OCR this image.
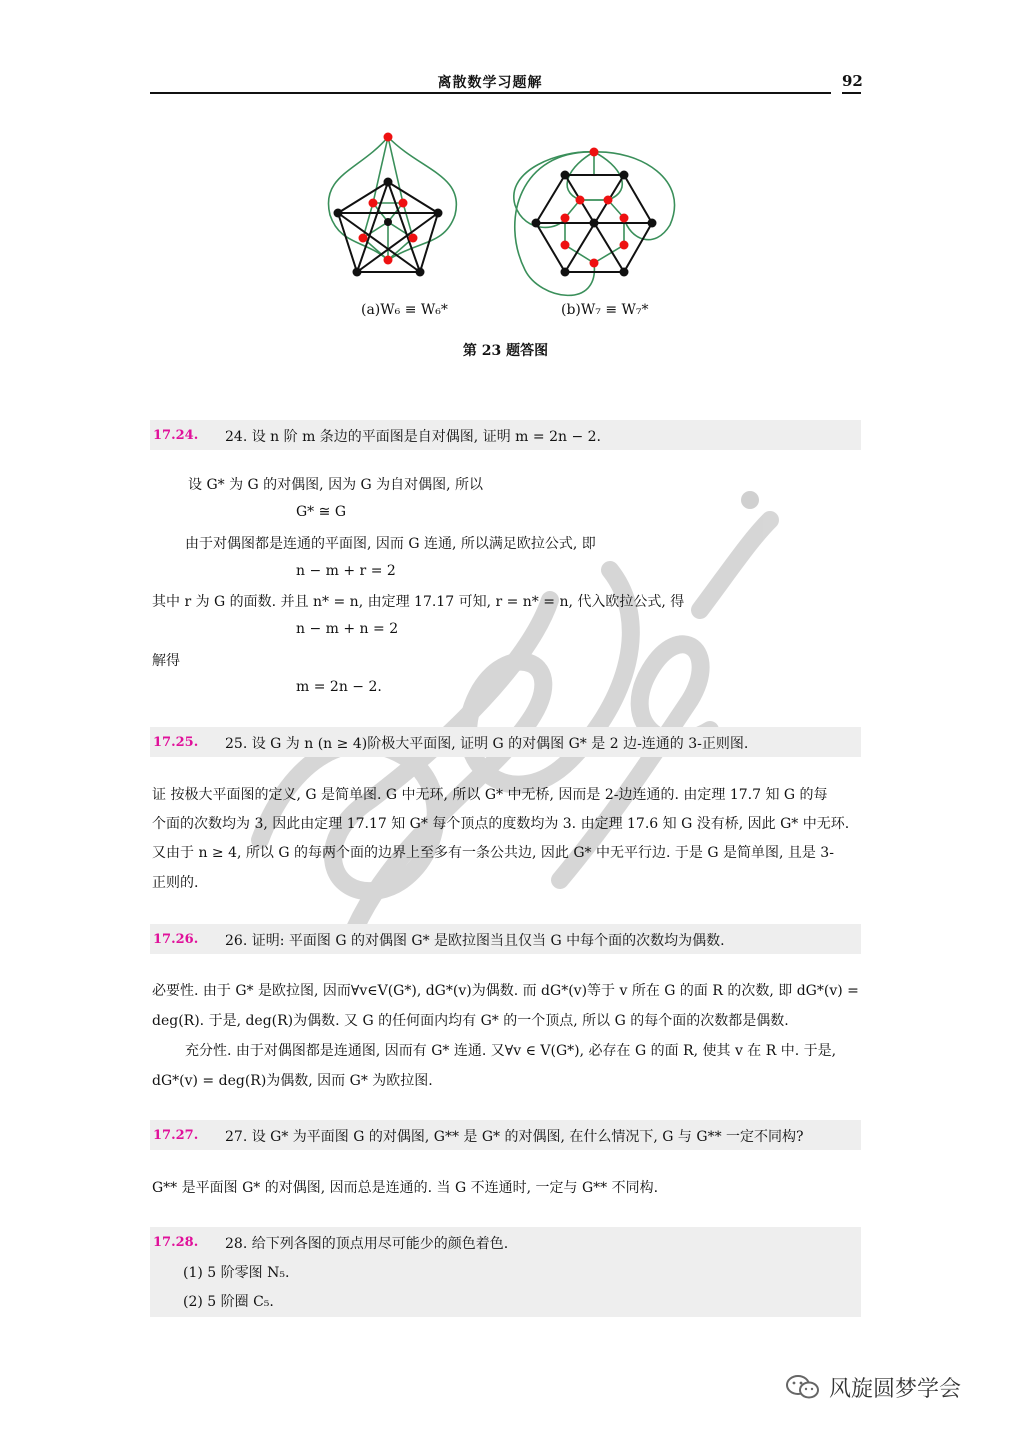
离散数学习题解	92
(a)W₆ ≡ W₆*	(b)W₇ ≡ W₇*
第 23 题答图
17.24. 24. 设 n 阶 m 条边的平面图是自对偶图, 证明 m = 2n − 2.
设 G* 为 G 的对偶图, 因为 G 为自对偶图, 所以
G* ≅ G
由于对偶图都是连通的平面图, 因而 G 连通, 所以满足欧拉公式, 即
n − m + r = 2
其中 r 为 G 的面数. 并且 n* = n, 由定理 17.17 可知, r = n* = n, 代入欧拉公式, 得
n − m + n = 2
解得
m = 2n − 2.
17.25. 25. 设 G 为 n (n ≥ 4)阶极大平面图, 证明 G 的对偶图 G* 是 2 边-连通的 3-正则图.
证 按极大平面图的定义, G 是简单图. G 中无环, 所以 G* 中无桥, 因而是 2-边连通的. 由定理 17.7 知 G 的每
个面的次数均为 3, 因此由定理 17.17 知 G* 每个顶点的度数均为 3. 由定理 17.6 知 G 没有桥, 因此 G* 中无环.
又由于 n ≥ 4, 所以 G 的每两个面的边界上至多有一条公共边, 因此 G* 中无平行边. 于是 G 是简单图, 且是 3-
正则的.
17.26. 26. 证明: 平面图 G 的对偶图 G* 是欧拉图当且仅当 G 中每个面的次数均为偶数.
必要性. 由于 G* 是欧拉图, 因而∀v∈V(G*), dG*(v)为偶数. 而 dG*(v)等于 v 所在 G 的面 R 的次数, 即 dG*(v) =
deg(R). 于是, deg(R)为偶数. 又 G 的任何面内均有 G* 的一个顶点, 所以 G 的每个面的次数都是偶数.
充分性. 由于对偶图都是连通图, 因而有 G* 连通. 又∀v ∈ V(G*), 必存在 G 的面 R, 使其 v 在 R 中. 于是,
dG*(v) = deg(R)为偶数, 因而 G* 为欧拉图.
17.27. 27. 设 G* 为平面图 G 的对偶图, G** 是 G* 的对偶图, 在什么情况下, G 与 G** 一定不同构?
G** 是平面图 G* 的对偶图, 因而总是连通的. 当 G 不连通时, 一定与 G** 不同构.
17.28. 28. 给下列各图的顶点用尽可能少的颜色着色.
(1) 5 阶零图 N₅.
(2) 5 阶圈 C₅.
风旋圆梦学会
